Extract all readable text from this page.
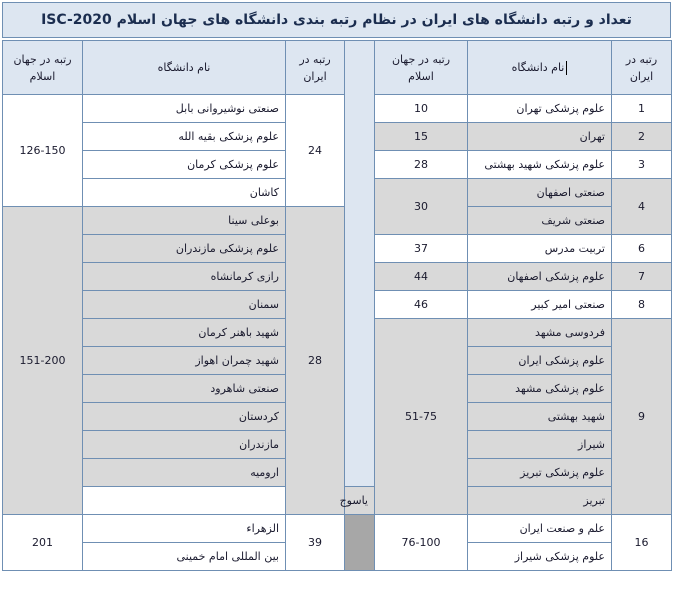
تعداد و رتبه دانشگاه های ایران در نظام رتبه بندی دانشگاه های جهان اسلام ISC-2020
رتبه در ایران	نام دانشگاه	رتبه در جهان اسلام		رتبه در ایران	نام دانشگاه	رتبه در جهان اسلام
1	علوم پزشکی تهران	10		24	صنعتی نوشیروانی بابل	126-150
2	تهران	15			علوم پزشکی بقیه الله	
3	علوم پزشکی شهید بهشتی	28			علوم پزشکی کرمان	
4	صنعتی اصفهان	30			کاشان	
	صنعتی شریف			28	بوعلی سینا	151-200
6	تربیت مدرس	37			علوم پزشکی مازندران	
7	علوم پزشکی اصفهان	44			رازی کرمانشاه	
8	صنعتی امیر کبیر	46			سمنان	
9	فردوسی مشهد	51-75			شهید باهنر کرمان	
	علوم پزشکی ایران				شهید چمران اهواز	
	علوم پزشکی مشهد				صنعتی شاهرود	
	شهید بهشتی				کردستان	
	شیراز				مازندران	
	علوم پزشکی تبریز				ارومیه	
	تبریز		یاسوج			
16	علم و صنعت ایران	76-100		39	الزهراء	201
	علوم پزشکی شیراز				بین المللی امام خمینی	
